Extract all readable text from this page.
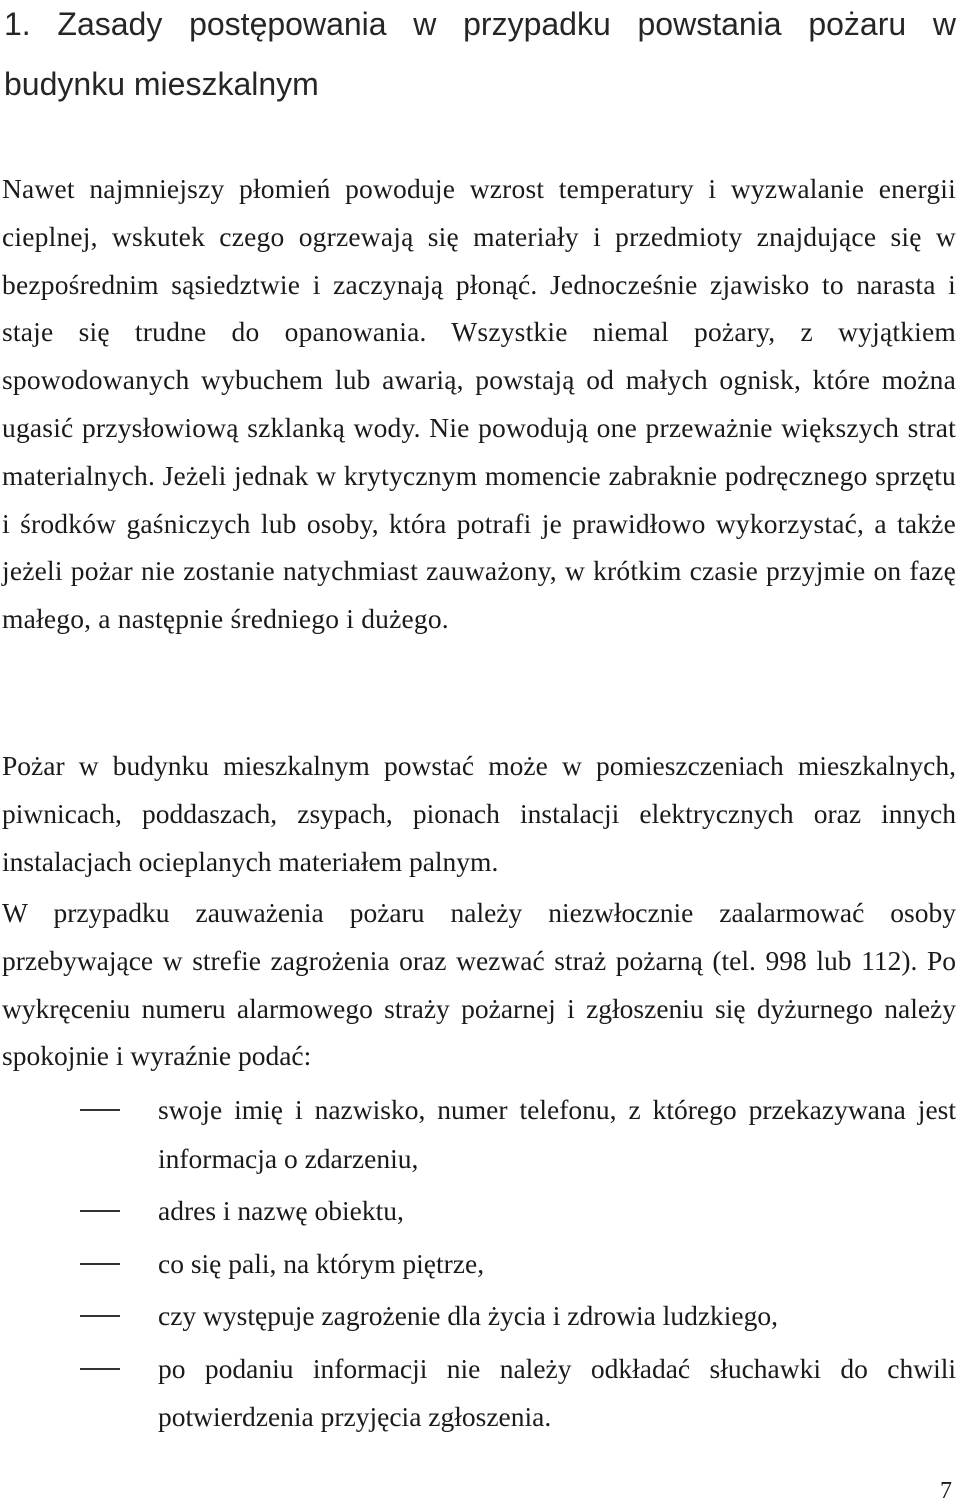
1. Zasady postępowania w przypadku powstania pożaru w budynku mieszkalnym

Nawet najmniejszy płomień powoduje wzrost temperatury i wyzwalanie energii cieplnej, wskutek czego ogrzewają się materiały i przedmioty znajdujące się w bezpośrednim sąsiedztwie i zaczynają płonąć. Jednocześnie zjawisko to narasta i staje się trudne do opanowania. Wszystkie niemal pożary, z wyjątkiem spowodowanych wybuchem lub awarią, powstają od małych ognisk, które można ugasić przysłowiową szklanką wody. Nie powodują one przeważnie większych strat materialnych. Jeżeli jednak w krytycznym momencie zabraknie podręcznego sprzętu i środków gaśniczych lub osoby, która potrafi je prawidłowo wykorzystać, a także jeżeli pożar nie zostanie natychmiast zauważony, w krótkim czasie przyjmie on fazę małego, a następnie średniego i dużego.

Pożar w budynku mieszkalnym powstać może w pomieszczeniach mieszkalnych, piwnicach, poddaszach, zsypach, pionach instalacji elektrycznych oraz innych instalacjach ocieplanych materiałem palnym.

W przypadku zauważenia pożaru należy niezwłocznie zaalarmować osoby przebywające w strefie zagrożenia oraz wezwać straż pożarną (tel. 998 lub 112). Po wykręceniu numeru alarmowego straży pożarnej i zgłoszeniu się dyżurnego należy spokojnie i wyraźnie podać:

swoje imię i nazwisko, numer telefonu, z którego przekazywana jest informacja o zdarzeniu,
adres i nazwę obiektu,
co się pali, na którym piętrze,
czy występuje zagrożenie dla życia i zdrowia ludzkiego,
po podaniu informacji nie należy odkładać słuchawki do chwili potwierdzenia przyjęcia zgłoszenia.
7
